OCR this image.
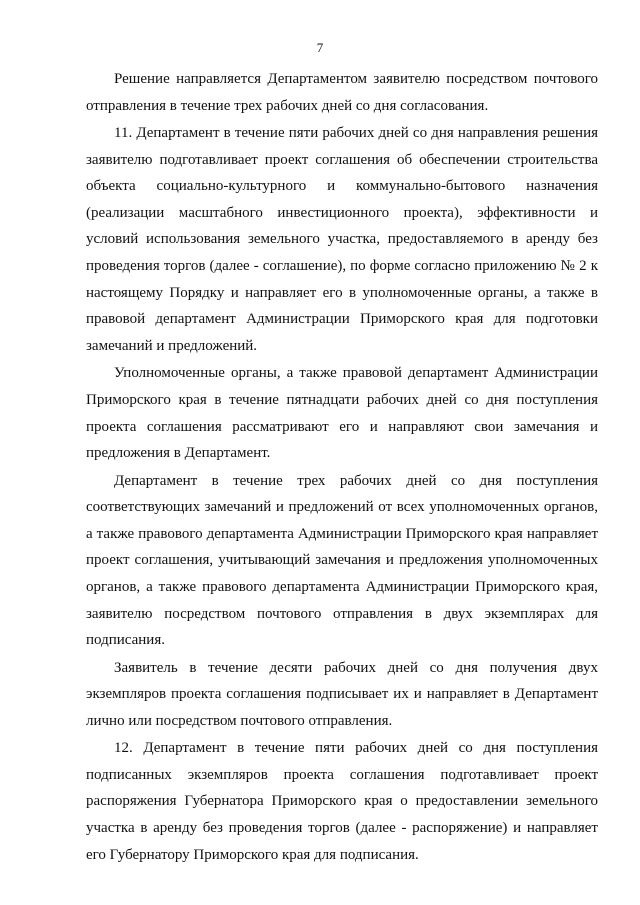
7

Решение направляется Департаментом заявителю посредством почтового отправления в течение трех рабочих дней со дня согласования.

11. Департамент в течение пяти рабочих дней со дня направления решения заявителю подготавливает проект соглашения об обеспечении строительства объекта социально-культурного и коммунально-бытового назначения (реализации масштабного инвестиционного проекта), эффективности и условий использования земельного участка, предоставляемого в аренду без проведения торгов (далее - соглашение), по форме согласно приложению № 2 к настоящему Порядку и направляет его в уполномоченные органы, а также в правовой департамент Администрации Приморского края для подготовки замечаний и предложений.

Уполномоченные органы, а также правовой департамент Администрации Приморского края в течение пятнадцати рабочих дней со дня поступления проекта соглашения рассматривают его и направляют свои замечания и предложения в Департамент.

Департамент в течение трех рабочих дней со дня поступления соответствующих замечаний и предложений от всех уполномоченных органов, а также правового департамента Администрации Приморского края направляет проект соглашения, учитывающий замечания и предложения уполномоченных органов, а также правового департамента Администрации Приморского края, заявителю посредством почтового отправления в двух экземплярах для подписания.

Заявитель в течение десяти рабочих дней со дня получения двух экземпляров проекта соглашения подписывает их и направляет в Департамент лично или посредством почтового отправления.

12. Департамент в течение пяти рабочих дней со дня поступления подписанных экземпляров проекта соглашения подготавливает проект распоряжения Губернатора Приморского края о предоставлении земельного участка в аренду без проведения торгов (далее - распоряжение) и направляет его Губернатору Приморского края для подписания.
